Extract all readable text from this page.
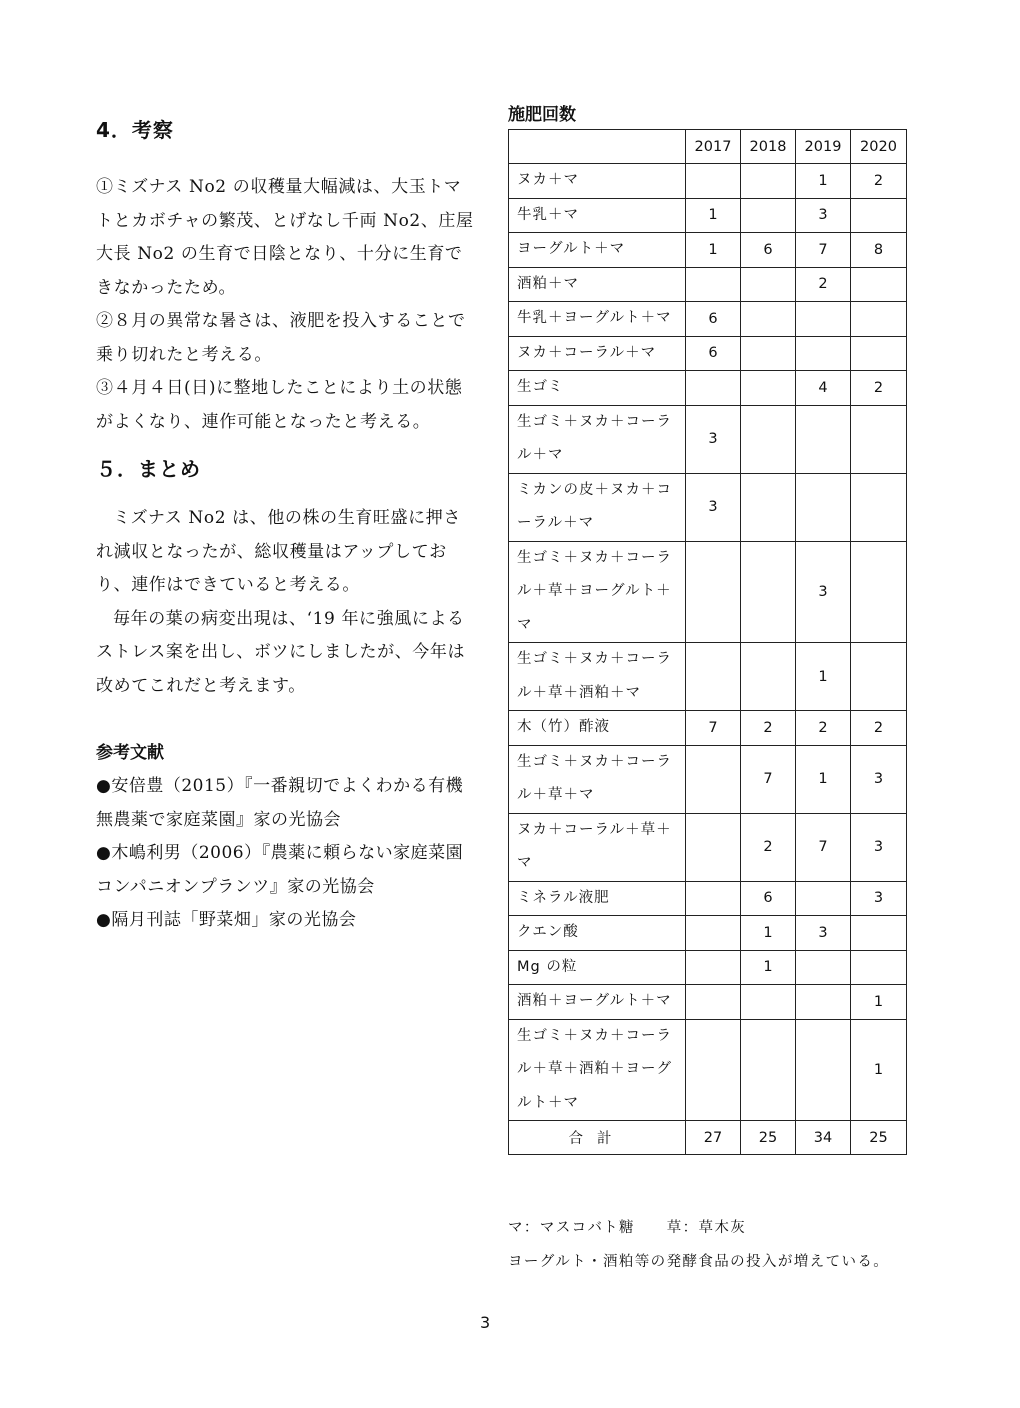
4．考察

①ミズナス No2 の収穫量大幅減は、大玉トマトとカボチャの繁茂、とげなし千両 No2、庄屋大長 No2 の生育で日陰となり、十分に生育できなかったため。

②８月の異常な暑さは、液肥を投入することで乗り切れたと考える。

③４月４日(日)に整地したことにより土の状態がよくなり、連作可能となったと考える。

５．まとめ

ミズナス No2 は、他の株の生育旺盛に押され減収となったが、総収穫量はアップしており、連作はできていると考える。

毎年の葉の病変出現は、‘19 年に強風によるストレス案を出し、ボツにしましたが、今年は改めてこれだと考えます。

参考文献

●安倍豊（2015）『一番親切でよくわかる有機無農薬で家庭菜園』家の光協会

●木嶋利男（2006）『農薬に頼らない家庭菜園　コンパニオンプランツ』家の光協会

●隔月刊誌「野菜畑」家の光協会

施肥回数
	2017	2018	2019	2020
ヌカ＋マ			1	2
牛乳＋マ	1		3	
ヨーグルト＋マ	1	6	7	8
酒粕＋マ			2	
牛乳＋ヨーグルト＋マ	6			
ヌカ＋コーラル＋マ	6			
生ゴミ			4	2
生ゴミ＋ヌカ＋コーラル＋マ	3			
ミカンの皮＋ヌカ＋コーラル＋マ	3			
生ゴミ＋ヌカ＋コーラル＋草＋ヨーグルト＋マ			3	
生ゴミ＋ヌカ＋コーラル＋草＋酒粕＋マ			1	
木（竹）酢液	7	2	2	2
生ゴミ＋ヌカ＋コーラル＋草＋マ		7	1	3
ヌカ＋コーラル＋草＋マ		2	7	3
ミネラル液肥		6		3
クエン酸		1	3	
Mg の粒		1		
酒粕＋ヨーグルト＋マ				1
生ゴミ＋ヌカ＋コーラル＋草＋酒粕＋ヨーグルト＋マ				1
合計	27	25	34	25

マ：マスコバト糖　　草：草木灰

ヨーグルト・酒粕等の発酵食品の投入が増えている。

3
